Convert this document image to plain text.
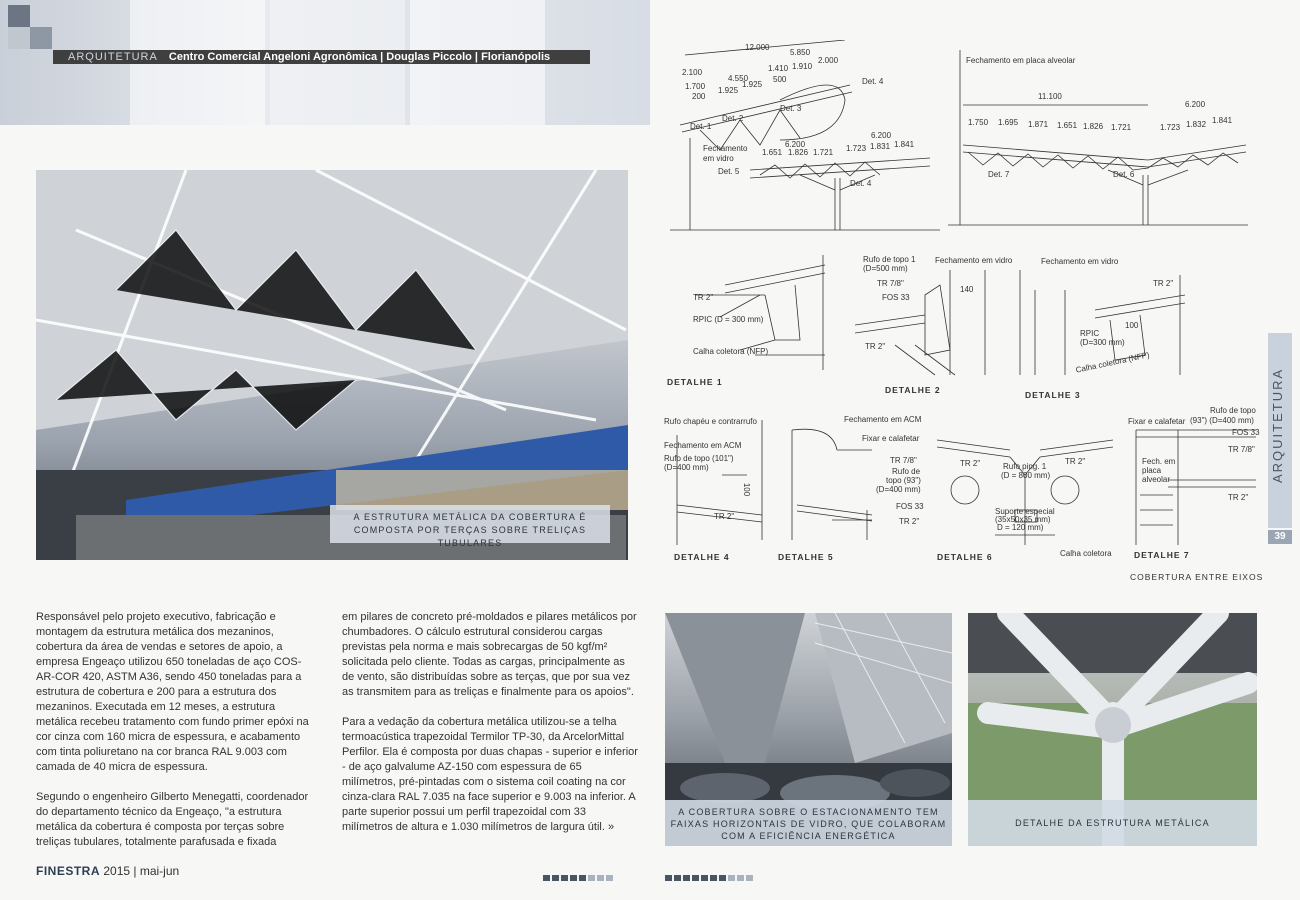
ARQUITETURA Centro Comercial Angeloni Agronômica | Douglas Piccolo | Florianópolis
A ESTRUTURA METÁLICA DA COBERTURA É COMPOSTA POR TERÇAS SOBRE TRELIÇAS TUBULARES

Responsável pelo projeto executivo, fabricação e montagem da estrutura metálica dos mezaninos, cobertura da área de vendas e setores de apoio, a empresa Engeaço utilizou 650 toneladas de aço COS-AR-COR 420, ASTM A36, sendo 450 toneladas para a estrutura de cobertura e 200 para a estrutura dos mezaninos. Executada em 12 meses, a estrutura metálica recebeu tratamento com fundo primer epóxi na cor cinza com 160 micra de espessura, e acabamento com tinta poliuretano na cor branca RAL 9.003 com camada de 40 micra de espessura.

Segundo o engenheiro Gilberto Menegatti, coordenador do departamento técnico da Engeaço, "a estrutura metálica da cobertura é composta por terças sobre treliças tubulares, totalmente parafusada e fixada

em pilares de concreto pré-moldados e pilares metálicos por chumbadores. O cálculo estrutural considerou cargas previstas pela norma e mais sobrecargas de 50 kgf/m² solicitada pelo cliente. Todas as cargas, principalmente as de vento, são distribuídas sobre as terças, que por sua vez as transmitem para as treliças e finalmente para os apoios".

Para a vedação da cobertura metálica utilizou-se a telha termoacústica trapezoidal Termilor TP-30, da ArcelorMittal Perfilor. Ela é composta por duas chapas - superior e inferior - de aço galvalume AZ-150 com espessura de 65 milímetros, pré-pintadas com o sistema coil coating na cor cinza-clara RAL 7.035 na face superior e 9.003 na inferior. A parte superior possui um perfil trapezoidal com 33 milímetros de altura e 1.030 milímetros de largura útil. »

12.000
5.850
2.100
1.700
200
4.550
1.925
1.925
1.410 1.910
2.000
500
6.200
1.651 1.826 1.721 1.723 1.831 1.841
6.200
Det. 4
Det. 1
Det. 2
Det. 3
Fechamento em vidro
Det. 5
Det. 4
Fechamento em placa alveolar
Det. 7	Det. 6
11.100
6.200
1.750 1.695 1.871 1.651 1.826 1.721	1.723 1.832 1.841
TR 2"
RPIC (D = 300 mm)
Calha coletora (NFP)
DETALHE 1
Rufo de topo 1
(D=500 mm)
Fechamento em vidro
TR 7/8"
FOS 33
TR 2"
140
DETALHE 2
Fechamento em vidro
TR 2"
RPIC
(D=300 mm)
Calha coletora (NFP)
100
DETALHE 3
Rufo chapéu e contrarrufo
Fechamento em ACM
Rufo de topo (101")
(D=400 mm)
TR 2"
100
DETALHE 4
Fechamento em ACM
Fixar e calafetar
TR 7/8"
Rufo de
topo (93")
(D=400 mm)
FOS 33
TR 2"
DETALHE 5
TR 2"	TR 2"
Rufo ping. 1
(D = 800 mm)
Suporte especial
(35x50x35 mm)
D = 120 mm)
Calha coletora
DETALHE 6
Fixar e calafetar
Rufo de topo
(93") (D=400 mm)
FOS 33
TR 7/8"
Fech. em placa alveolar
TR 2"
DETALHE 7
COBERTURA ENTRE EIXOS
ARQUITETURA
39
A COBERTURA SOBRE O ESTACIONAMENTO TEM FAIXAS HORIZONTAIS DE VIDRO, QUE COLABORAM COM A EFICIÊNCIA ENERGÉTICA
DETALHE DA ESTRUTURA METÁLICA
FINESTRA 2015 | mai-jun
